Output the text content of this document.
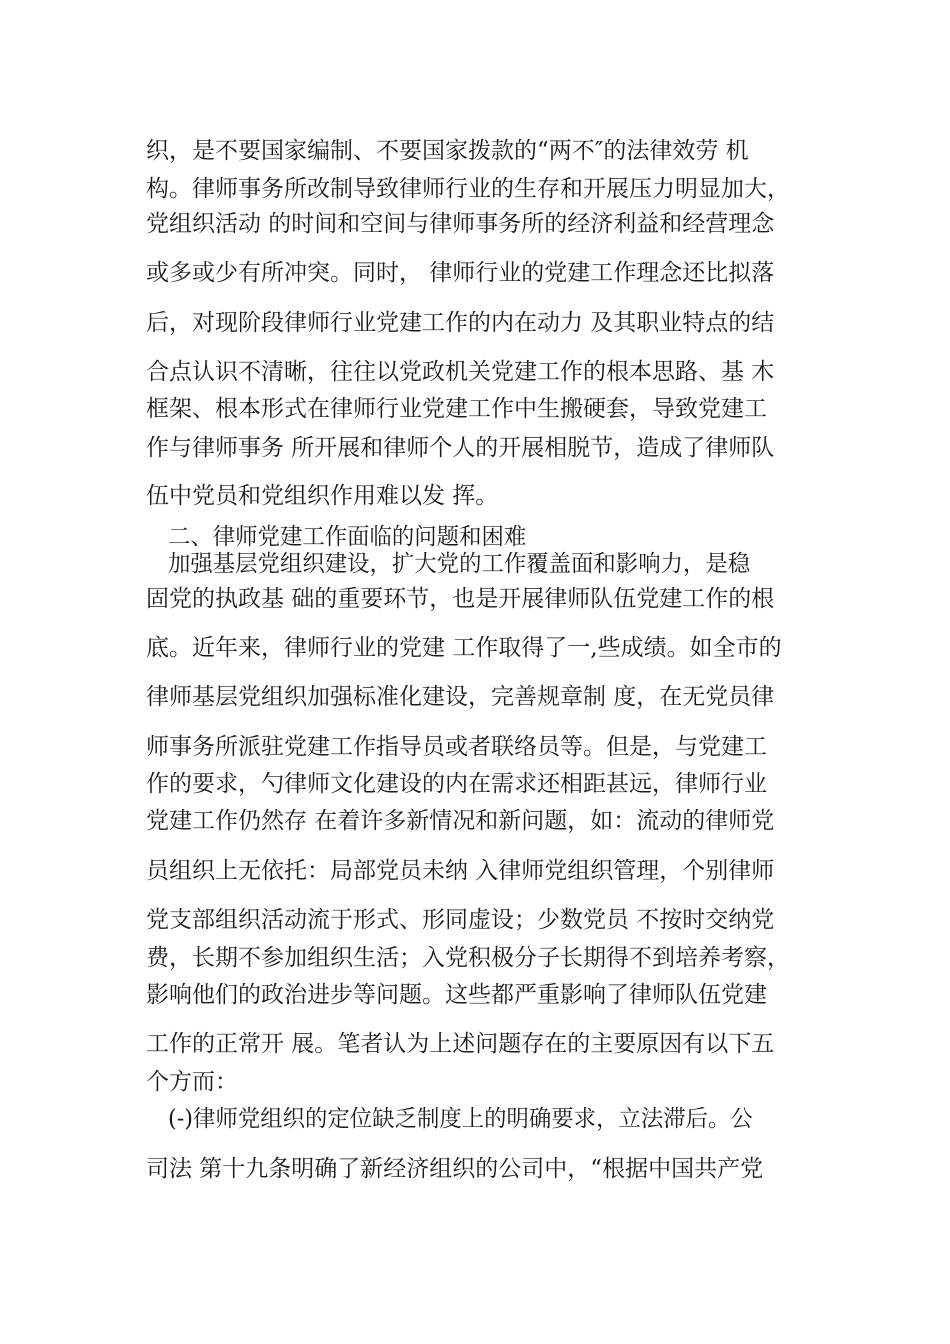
织，是不要国家编制、不要国家拨款的“两不″的法律效劳 机
构。律师事务所改制导致律师行业的生存和开展压力明显加大，
党组织活动 的时间和空间与律师事务所的经济利益和经营理念
或多或少有所冲突。同时， 律师行业的党建工作理念还比拟落
后，对现阶段律师行业党建工作的内在动力 及其职业特点的结
合点认识不清晰，往往以党政机关党建工作的根本思路、基 木
框架、根本形式在律师行业党建工作中生搬硬套，导致党建工
作与律师事务 所开展和律师个人的开展相脱节，造成了律师队
伍中党员和党组织作用难以发 挥。
二、律师党建工作面临的问题和困难
加强基层党组织建设，扩大党的工作覆盖面和影响力，是稳
固党的执政基 础的重要环节，也是开展律师队伍党建工作的根
底。近年来，律师行业的党建 工作取得了一,些成绩。如全市的
律师基层党组织加强标准化建设，完善规章制 度，在无党员律
师事务所派驻党建工作指导员或者联络员等。但是，与党建工
作的要求，勺律师文化建设的内在需求还相距甚远，律师行业
党建工作仍然存 在着许多新情况和新问题，如：流动的律师党
员组织上无依托：局部党员未纳 入律师党组织管理，个别律师
党支部组织活动流于形式、形同虚设；少数党员 不按时交纳党
费，长期不参加组织生活；入党积极分子长期得不到培养考察，
影响他们的政治进步等问题。这些都严重影响了律师队伍党建
工作的正常开 展。笔者认为上述问题存在的主要原因有以下五
个方而：
(-)律师党组织的定位缺乏制度上的明确要求，立法滞后。公
司法 第十九条明确了新经济组织的公司中，“根据中国共产党
